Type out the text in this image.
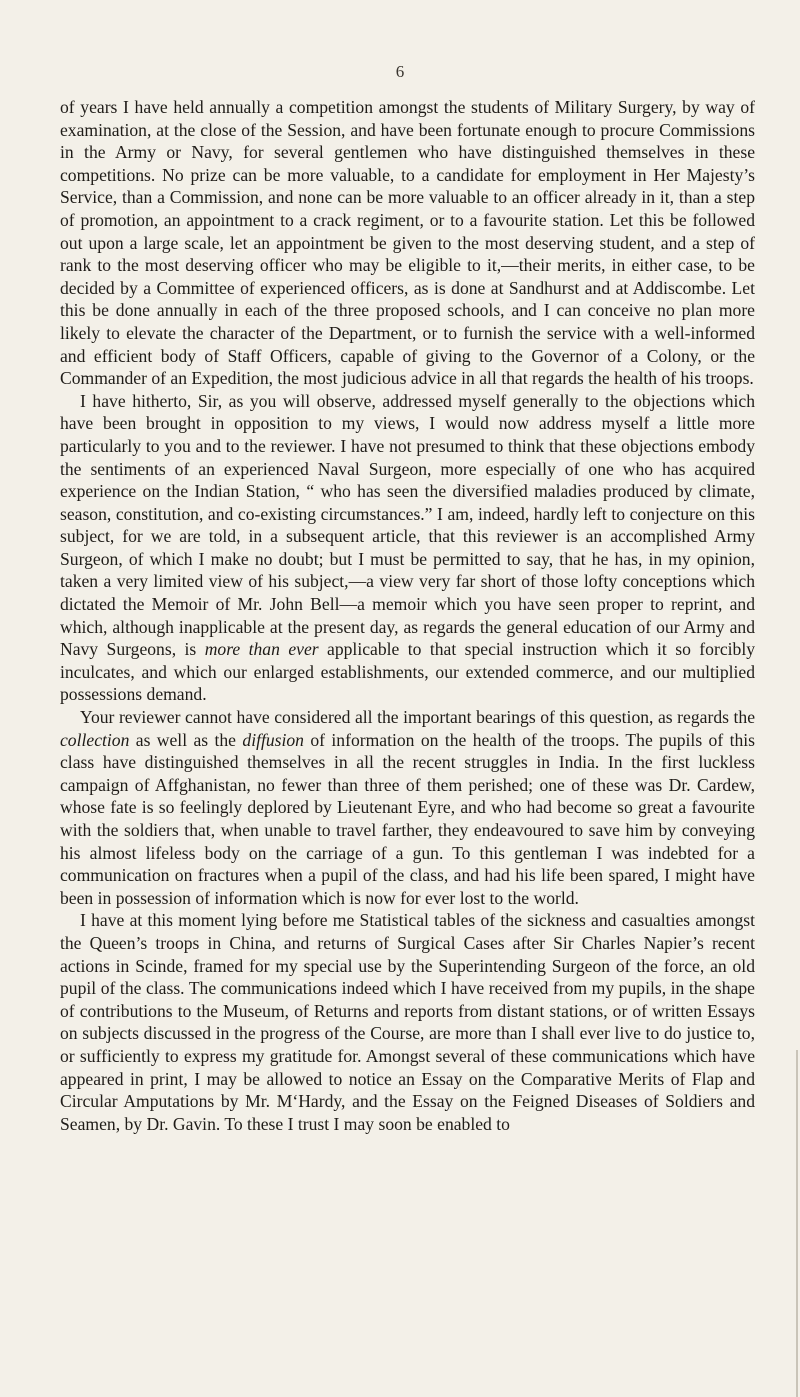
6

of years I have held annually a competition amongst the students of Military Surgery, by way of examination, at the close of the Session, and have been fortunate enough to procure Commissions in the Army or Navy, for several gentlemen who have distinguished themselves in these competitions. No prize can be more valuable, to a candidate for employment in Her Majesty’s Service, than a Commission, and none can be more valuable to an officer already in it, than a step of promotion, an appointment to a crack regiment, or to a favourite station. Let this be followed out upon a large scale, let an appointment be given to the most deserving student, and a step of rank to the most deserving officer who may be eligible to it,—their merits, in either case, to be decided by a Committee of experienced officers, as is done at Sandhurst and at Addiscombe. Let this be done annually in each of the three proposed schools, and I can conceive no plan more likely to elevate the character of the Department, or to furnish the service with a well-informed and efficient body of Staff Officers, capable of giving to the Governor of a Colony, or the Commander of an Expedition, the most judicious advice in all that regards the health of his troops.

I have hitherto, Sir, as you will observe, addressed myself generally to the objections which have been brought in opposition to my views, I would now address myself a little more particularly to you and to the reviewer. I have not presumed to think that these objections embody the sentiments of an experienced Naval Surgeon, more especially of one who has acquired experience on the Indian Station, “ who has seen the diversified maladies produced by climate, season, constitution, and co-existing circumstances.” I am, indeed, hardly left to conjecture on this subject, for we are told, in a subsequent article, that this reviewer is an accomplished Army Surgeon, of which I make no doubt; but I must be permitted to say, that he has, in my opinion, taken a very limited view of his subject,—a view very far short of those lofty conceptions which dictated the Memoir of Mr. John Bell—a memoir which you have seen proper to reprint, and which, although inapplicable at the present day, as regards the general education of our Army and Navy Surgeons, is more than ever applicable to that special instruction which it so forcibly inculcates, and which our enlarged establishments, our extended commerce, and our multiplied possessions demand.

Your reviewer cannot have considered all the important bearings of this question, as regards the collection as well as the diffusion of information on the health of the troops. The pupils of this class have distinguished themselves in all the recent struggles in India. In the first luckless campaign of Affghanistan, no fewer than three of them perished; one of these was Dr. Cardew, whose fate is so feelingly deplored by Lieutenant Eyre, and who had become so great a favourite with the soldiers that, when unable to travel farther, they endeavoured to save him by conveying his almost lifeless body on the carriage of a gun. To this gentleman I was indebted for a communication on fractures when a pupil of the class, and had his life been spared, I might have been in possession of information which is now for ever lost to the world.

I have at this moment lying before me Statistical tables of the sickness and casualties amongst the Queen’s troops in China, and returns of Surgical Cases after Sir Charles Napier’s recent actions in Scinde, framed for my special use by the Superintending Surgeon of the force, an old pupil of the class. The communications indeed which I have received from my pupils, in the shape of contributions to the Museum, of Returns and reports from distant stations, or of written Essays on subjects discussed in the progress of the Course, are more than I shall ever live to do justice to, or sufficiently to express my gratitude for. Amongst several of these communications which have appeared in print, I may be allowed to notice an Essay on the Comparative Merits of Flap and Circular Amputations by Mr. M‘Hardy, and the Essay on the Feigned Diseases of Soldiers and Seamen, by Dr. Gavin. To these I trust I may soon be enabled to
